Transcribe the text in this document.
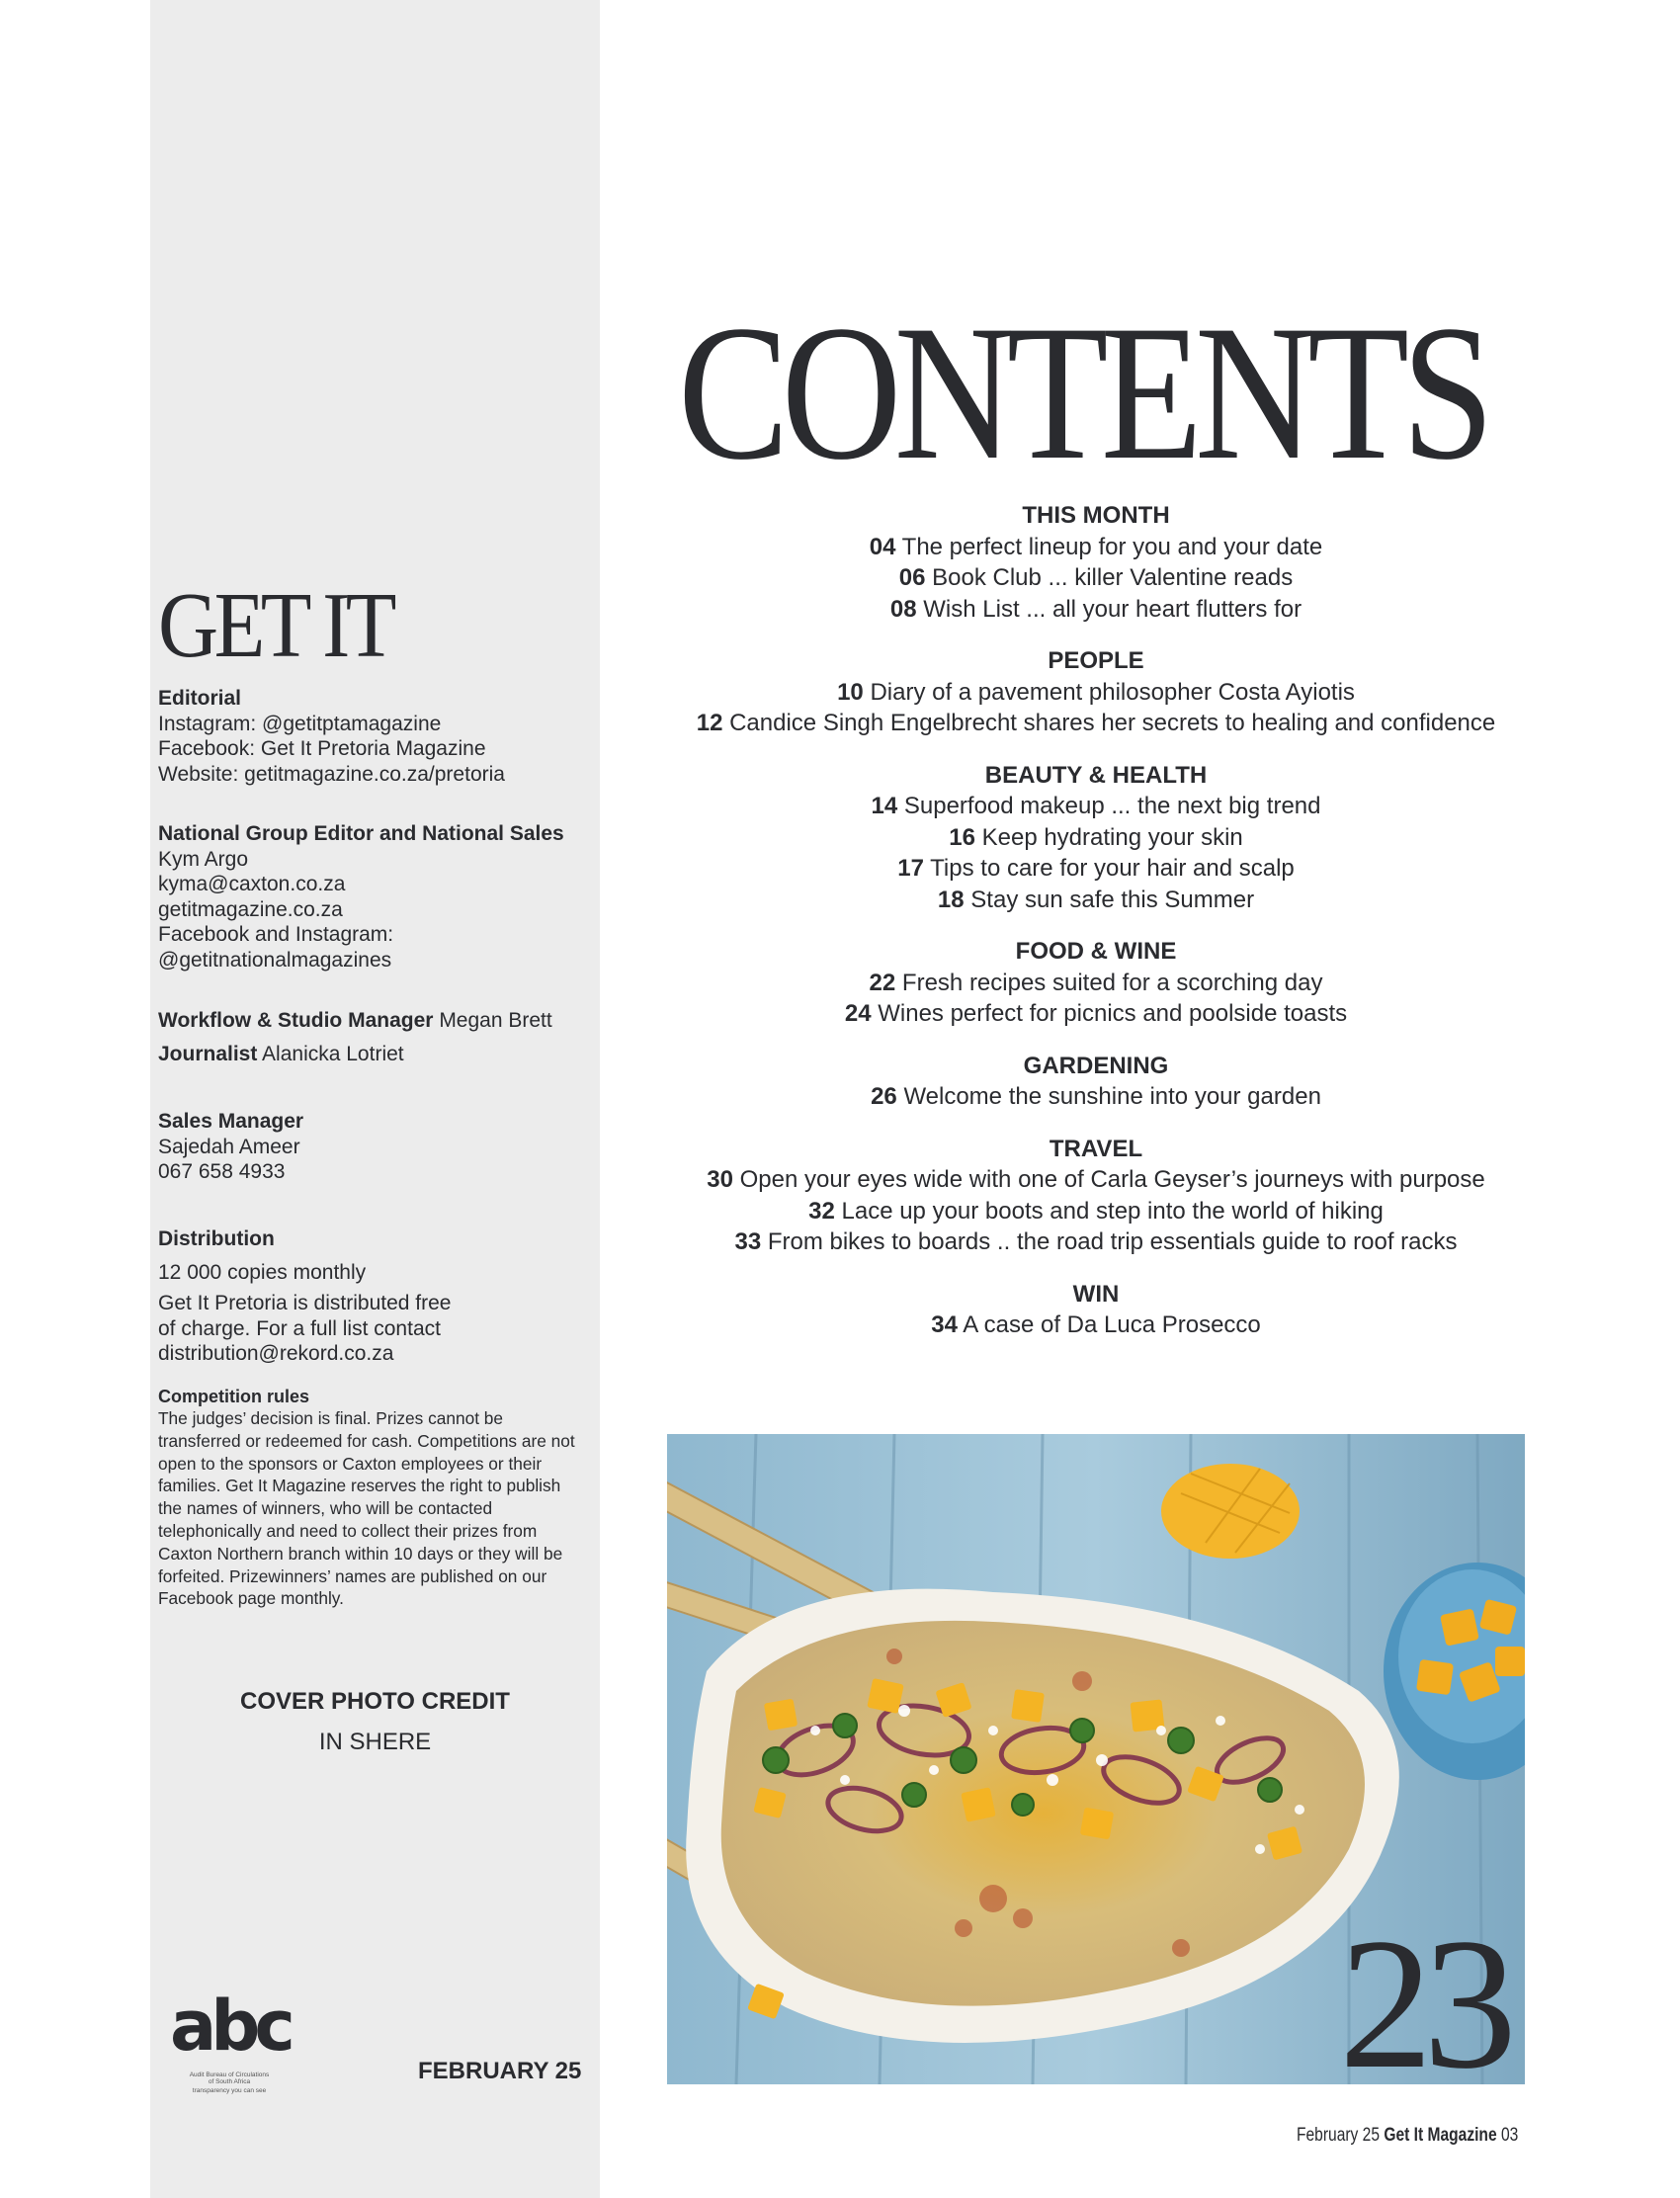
GET IT

Editorial

Instagram: @getitptamagazine

Facebook: Get It Pretoria Magazine

Website: getitmagazine.co.za/pretoria

National Group Editor and National Sales

Kym Argo

kyma@caxton.co.za

getitmagazine.co.za

Facebook and Instagram:

@getitnationalmagazines

Workflow & Studio Manager Megan Brett

Journalist Alanicka Lotriet

Sales Manager

Sajedah Ameer

067 658 4933

Distribution

12 000 copies monthly

Get It Pretoria is distributed free

of charge. For a full list contact

distribution@rekord.co.za

Competition rules

The judges’ decision is final. Prizes cannot be transferred or redeemed for cash. Competitions are not open to the sponsors or Caxton employees or their families. Get It Magazine reserves the right to publish the names of winners, who will be contacted telephonically and need to collect their prizes from Caxton Northern branch within 10 days or they will be forfeited. Prizewinners’ names are published on our Facebook page monthly.

COVER PHOTO CREDIT
IN SHERE
abc
Audit Bureau of Circulations
of South Africa
transparency you can see
FEBRUARY 25
CONTENTS
THIS MONTH
04 The perfect lineup for you and your date
06 Book Club ... killer Valentine reads
08 Wish List ... all your heart flutters for
PEOPLE
10 Diary of a pavement philosopher Costa Ayiotis
12 Candice Singh Engelbrecht shares her secrets to healing and confidence
BEAUTY & HEALTH
14 Superfood makeup ... the next big trend
16 Keep hydrating your skin
17 Tips to care for your hair and scalp
18 Stay sun safe this Summer
FOOD & WINE
22 Fresh recipes suited for a scorching day
24 Wines perfect for picnics and poolside toasts
GARDENING
26 Welcome the sunshine into your garden
TRAVEL
30 Open your eyes wide with one of Carla Geyser’s journeys with purpose
32 Lace up your boots and step into the world of hiking
33 From bikes to boards .. the road trip essentials guide to roof racks
WIN
34 A case of Da Luca Prosecco
23
February 25 Get It Magazine 03
